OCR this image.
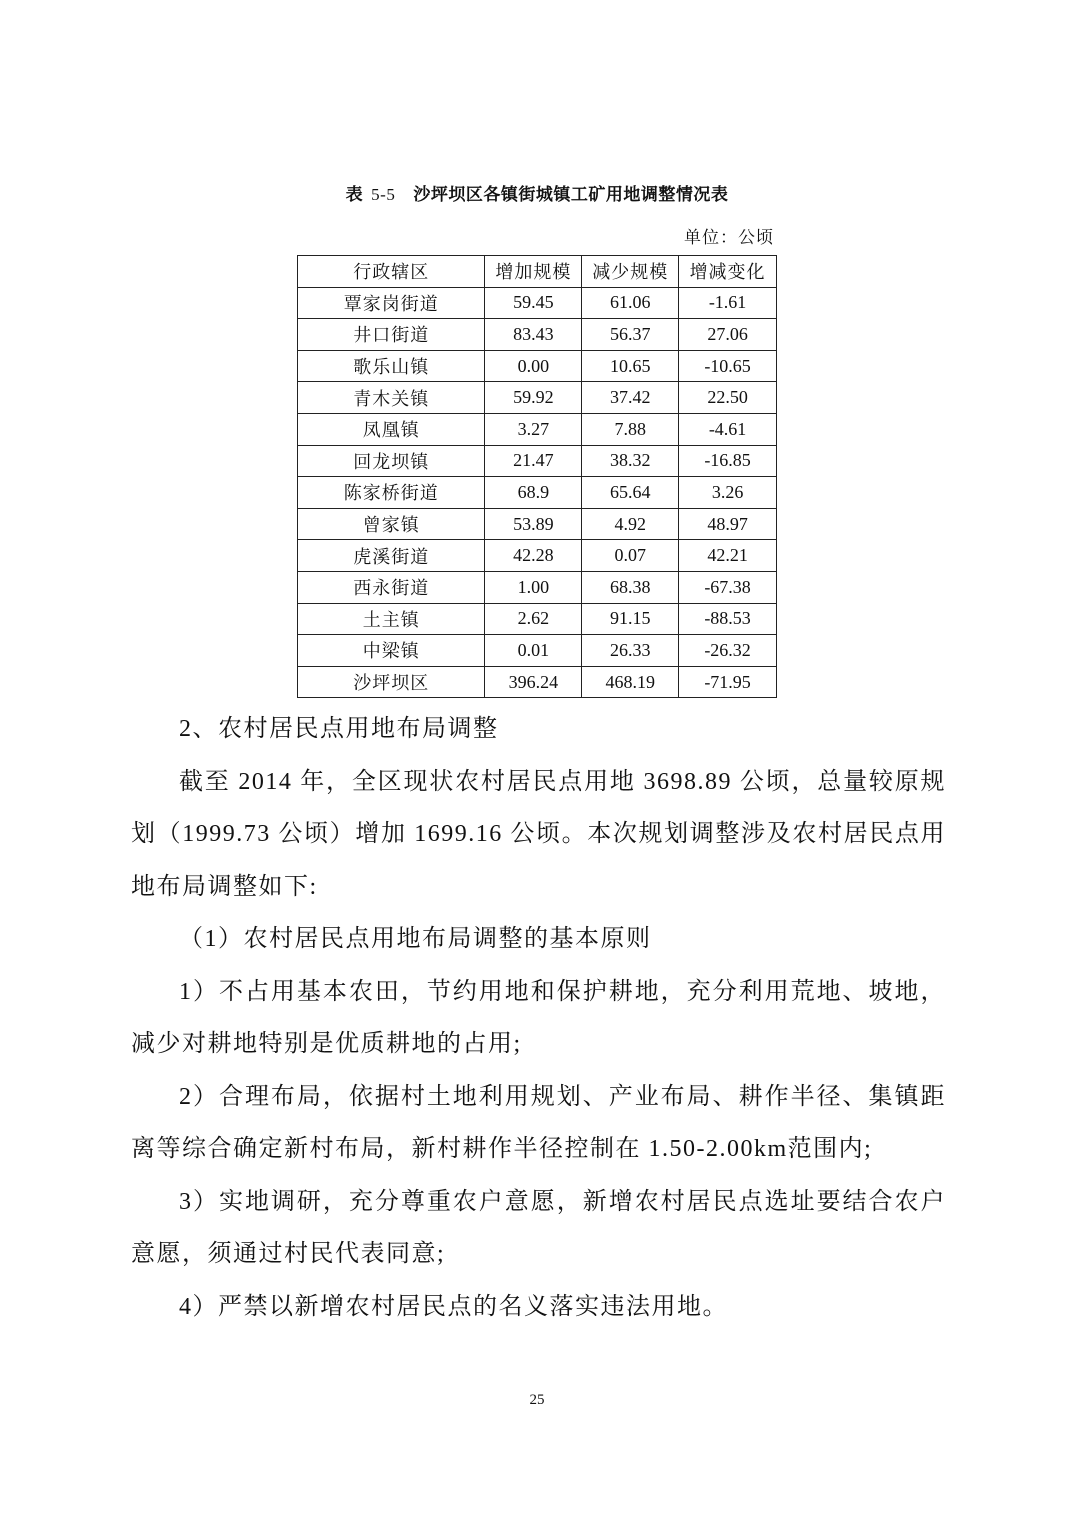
表 5-5 沙坪坝区各镇街城镇工矿用地调整情况表
单位：公顷
行政辖区	增加规模	减少规模	增减变化
覃家岗街道	59.45	61.06	-1.61
井口街道	83.43	56.37	27.06
歌乐山镇	0.00	10.65	-10.65
青木关镇	59.92	37.42	22.50
凤凰镇	3.27	7.88	-4.61
回龙坝镇	21.47	38.32	-16.85
陈家桥街道	68.9	65.64	3.26
曾家镇	53.89	4.92	48.97
虎溪街道	42.28	0.07	42.21
西永街道	1.00	68.38	-67.38
土主镇	2.62	91.15	-88.53
中梁镇	0.01	26.33	-26.32
沙坪坝区	396.24	468.19	-71.95

2、农村居民点用地布局调整

截至 2014 年，全区现状农村居民点用地 3698.89 公顷，总量较原规划（1999.73 公顷）增加 1699.16 公顷。本次规划调整涉及农村居民点用地布局调整如下:

（1）农村居民点用地布局调整的基本原则

1）不占用基本农田，节约用地和保护耕地，充分利用荒地、坡地，减少对耕地特别是优质耕地的占用;

2）合理布局，依据村土地利用规划、产业布局、耕作半径、集镇距离等综合确定新村布局，新村耕作半径控制在 1.50-2.00km范围内;

3）实地调研，充分尊重农户意愿，新增农村居民点选址要结合农户意愿，须通过村民代表同意;

4）严禁以新增农村居民点的名义落实违法用地。

25
